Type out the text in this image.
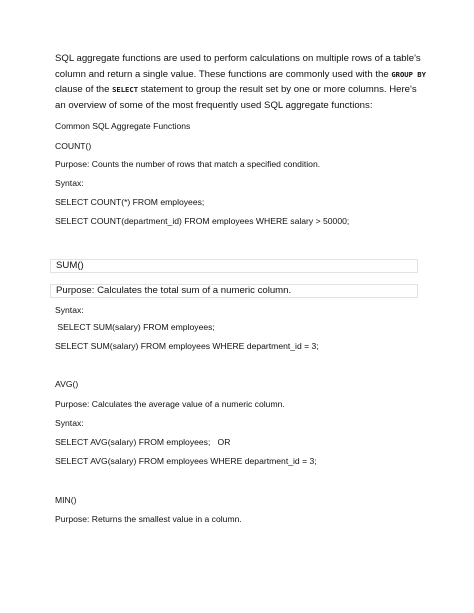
SQL aggregate functions are used to perform calculations on multiple rows of a table's column and return a single value. These functions are commonly used with the GROUP BY clause of the SELECT statement to group the result set by one or more columns. Here's an overview of some of the most frequently used SQL aggregate functions:
Common SQL Aggregate Functions
COUNT()
Purpose: Counts the number of rows that match a specified condition.
Syntax:
SELECT COUNT(*) FROM employees;
SELECT COUNT(department_id) FROM employees WHERE salary > 50000;
SUM()
Purpose: Calculates the total sum of a numeric column.
Syntax:
SELECT SUM(salary) FROM employees;
SELECT SUM(salary) FROM employees WHERE department_id = 3;
AVG()
Purpose: Calculates the average value of a numeric column.
Syntax:
SELECT AVG(salary) FROM employees;   OR
SELECT AVG(salary) FROM employees WHERE department_id = 3;
MIN()
Purpose: Returns the smallest value in a column.
